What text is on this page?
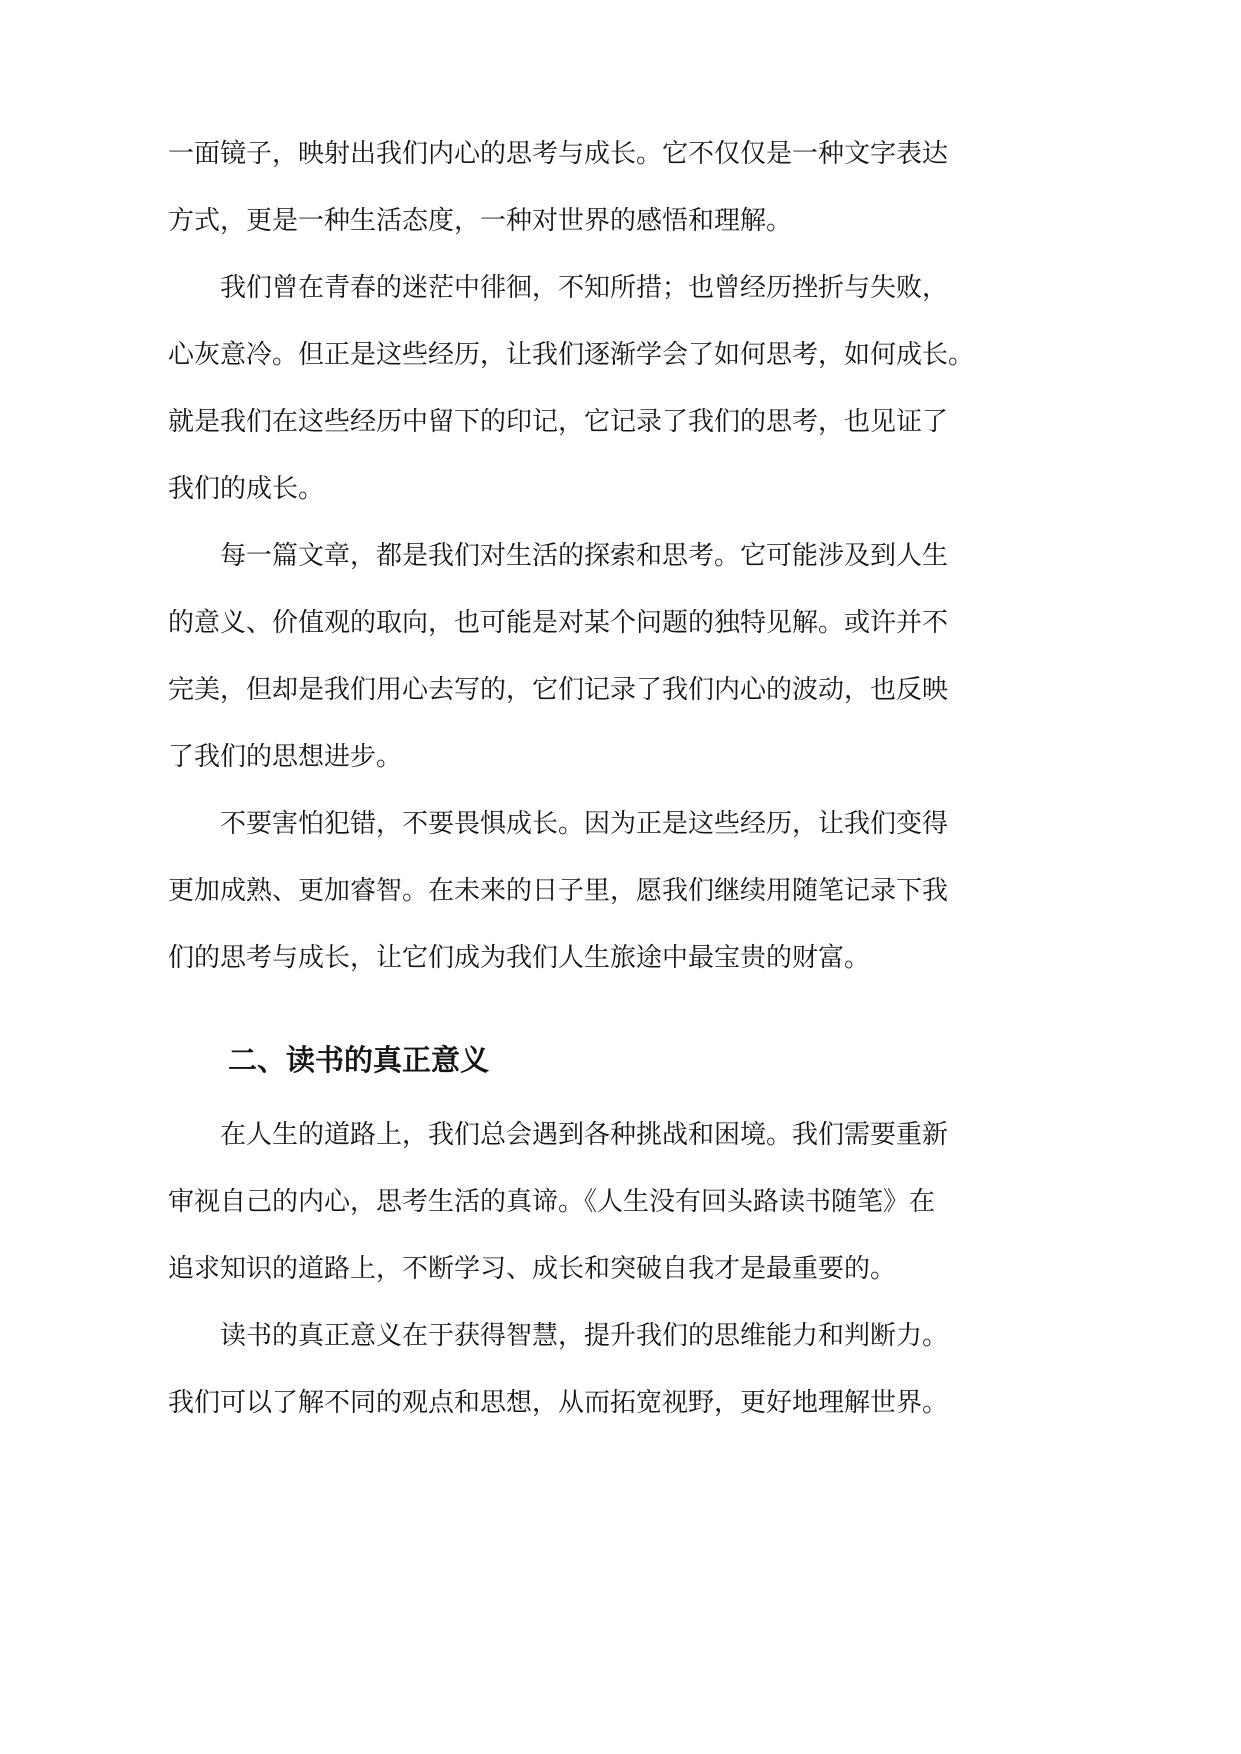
一面镜子，映射出我们内心的思考与成长。它不仅仅是一种文字表达
方式，更是一种生活态度，一种对世界的感悟和理解。
我们曾在青春的迷茫中徘徊，不知所措；也曾经历挫折与失败，
心灰意冷。但正是这些经历，让我们逐渐学会了如何思考，如何成长。
就是我们在这些经历中留下的印记，它记录了我们的思考，也见证了
我们的成长。
每一篇文章，都是我们对生活的探索和思考。它可能涉及到人生
的意义、价值观的取向，也可能是对某个问题的独特见解。或许并不
完美，但却是我们用心去写的，它们记录了我们内心的波动，也反映
了我们的思想进步。
不要害怕犯错，不要畏惧成长。因为正是这些经历，让我们变得
更加成熟、更加睿智。在未来的日子里，愿我们继续用随笔记录下我
们的思考与成长，让它们成为我们人生旅途中最宝贵的财富。
二、读书的真正意义
在人生的道路上，我们总会遇到各种挑战和困境。我们需要重新
审视自己的内心，思考生活的真谛。《人生没有回头路读书随笔》在
追求知识的道路上，不断学习、成长和突破自我才是最重要的。
读书的真正意义在于获得智慧，提升我们的思维能力和判断力。
我们可以了解不同的观点和思想，从而拓宽视野，更好地理解世界。
